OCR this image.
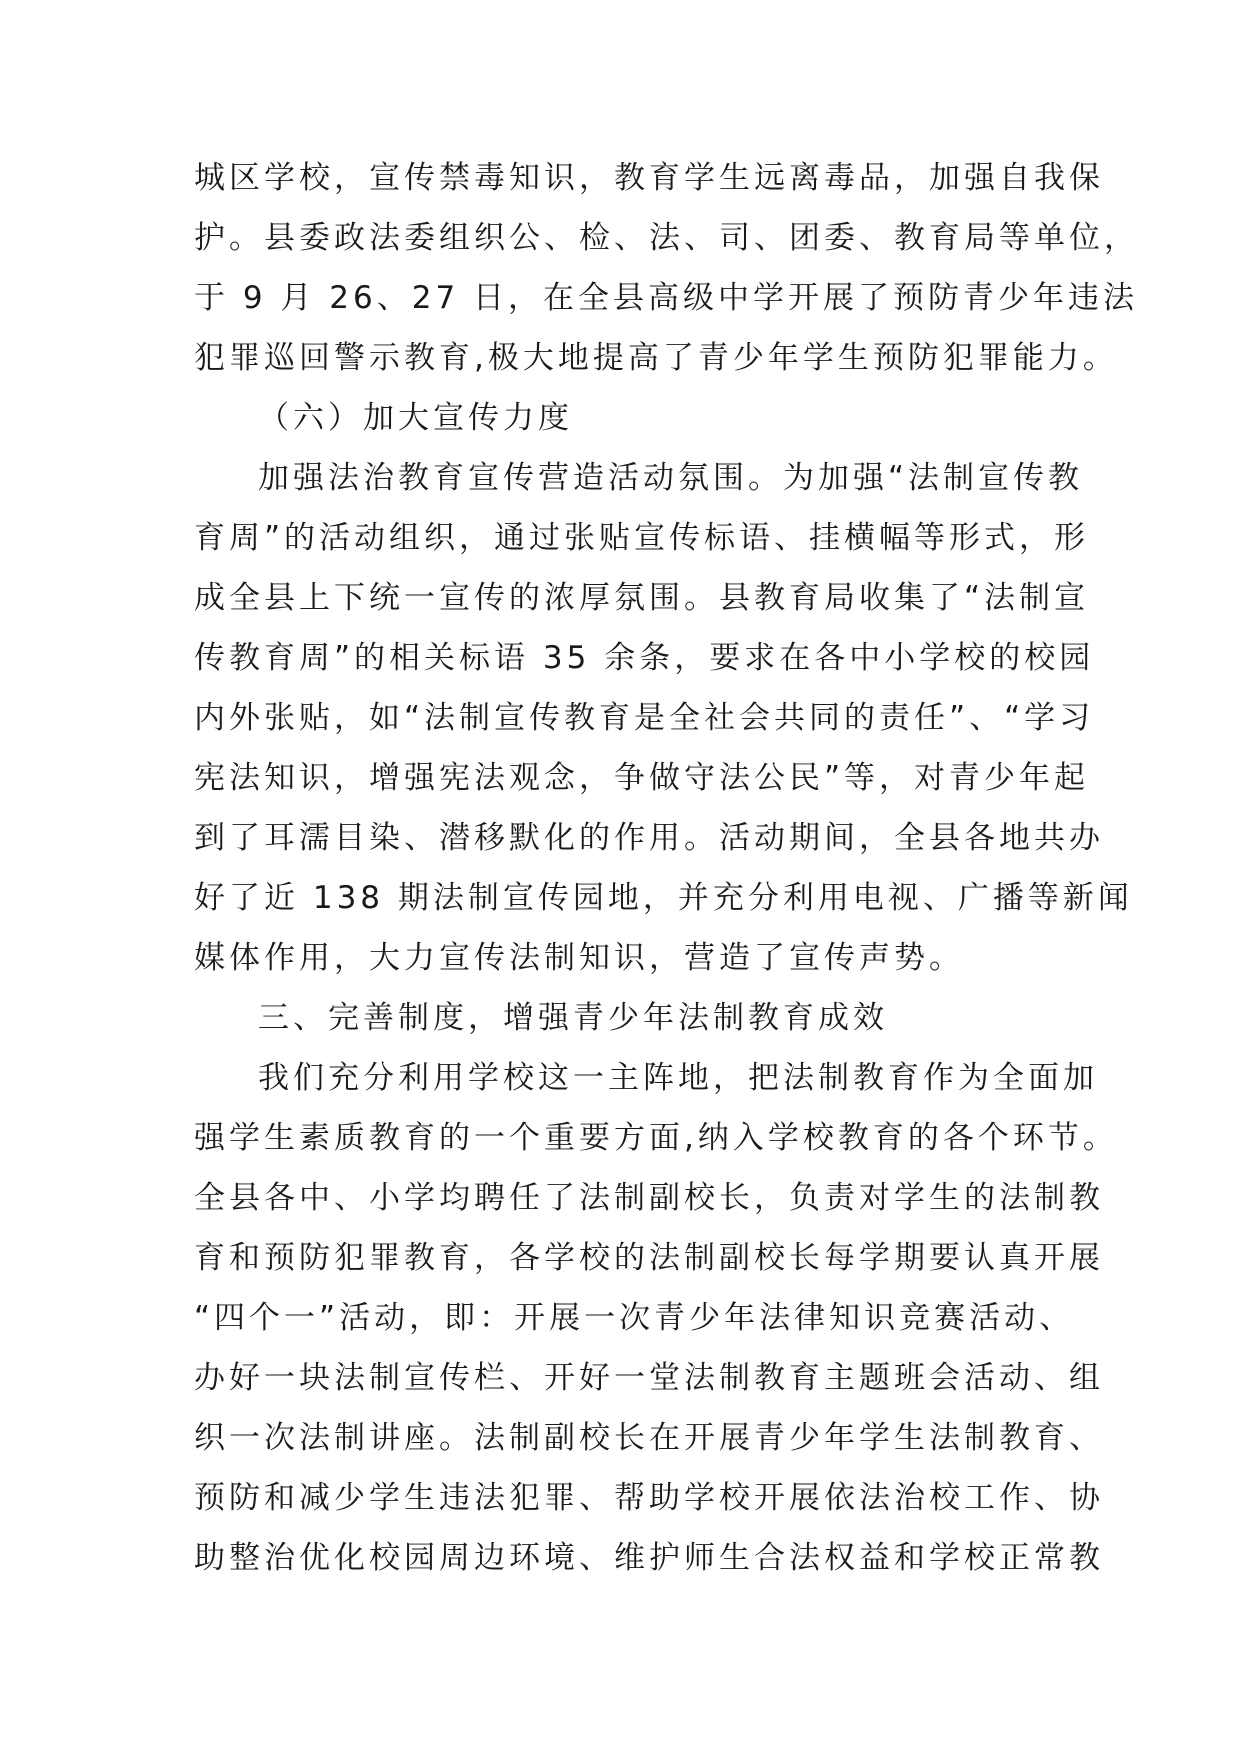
城区学校，宣传禁毒知识，教育学生远离毒品，加强自我保
护。县委政法委组织公、检、法、司、团委、教育局等单位，
于 9 月 26、27 日，在全县高级中学开展了预防青少年违法
犯罪巡回警示教育,极大地提高了青少年学生预防犯罪能力。
（六）加大宣传力度
加强法治教育宣传营造活动氛围。为加强“法制宣传教
育周”的活动组织，通过张贴宣传标语、挂横幅等形式，形
成全县上下统一宣传的浓厚氛围。县教育局收集了“法制宣
传教育周”的相关标语 35 余条，要求在各中小学校的校园
内外张贴，如“法制宣传教育是全社会共同的责任”、“学习
宪法知识，增强宪法观念，争做守法公民”等，对青少年起
到了耳濡目染、潜移默化的作用。活动期间，全县各地共办
好了近 138 期法制宣传园地，并充分利用电视、广播等新闻
媒体作用，大力宣传法制知识，营造了宣传声势。
三、完善制度，增强青少年法制教育成效
我们充分利用学校这一主阵地，把法制教育作为全面加
强学生素质教育的一个重要方面,纳入学校教育的各个环节。
全县各中、小学均聘任了法制副校长，负责对学生的法制教
育和预防犯罪教育，各学校的法制副校长每学期要认真开展
“四个一”活动，即：开展一次青少年法律知识竞赛活动、
办好一块法制宣传栏、开好一堂法制教育主题班会活动、组
织一次法制讲座。法制副校长在开展青少年学生法制教育、
预防和减少学生违法犯罪、帮助学校开展依法治校工作、协
助整治优化校园周边环境、维护师生合法权益和学校正常教
